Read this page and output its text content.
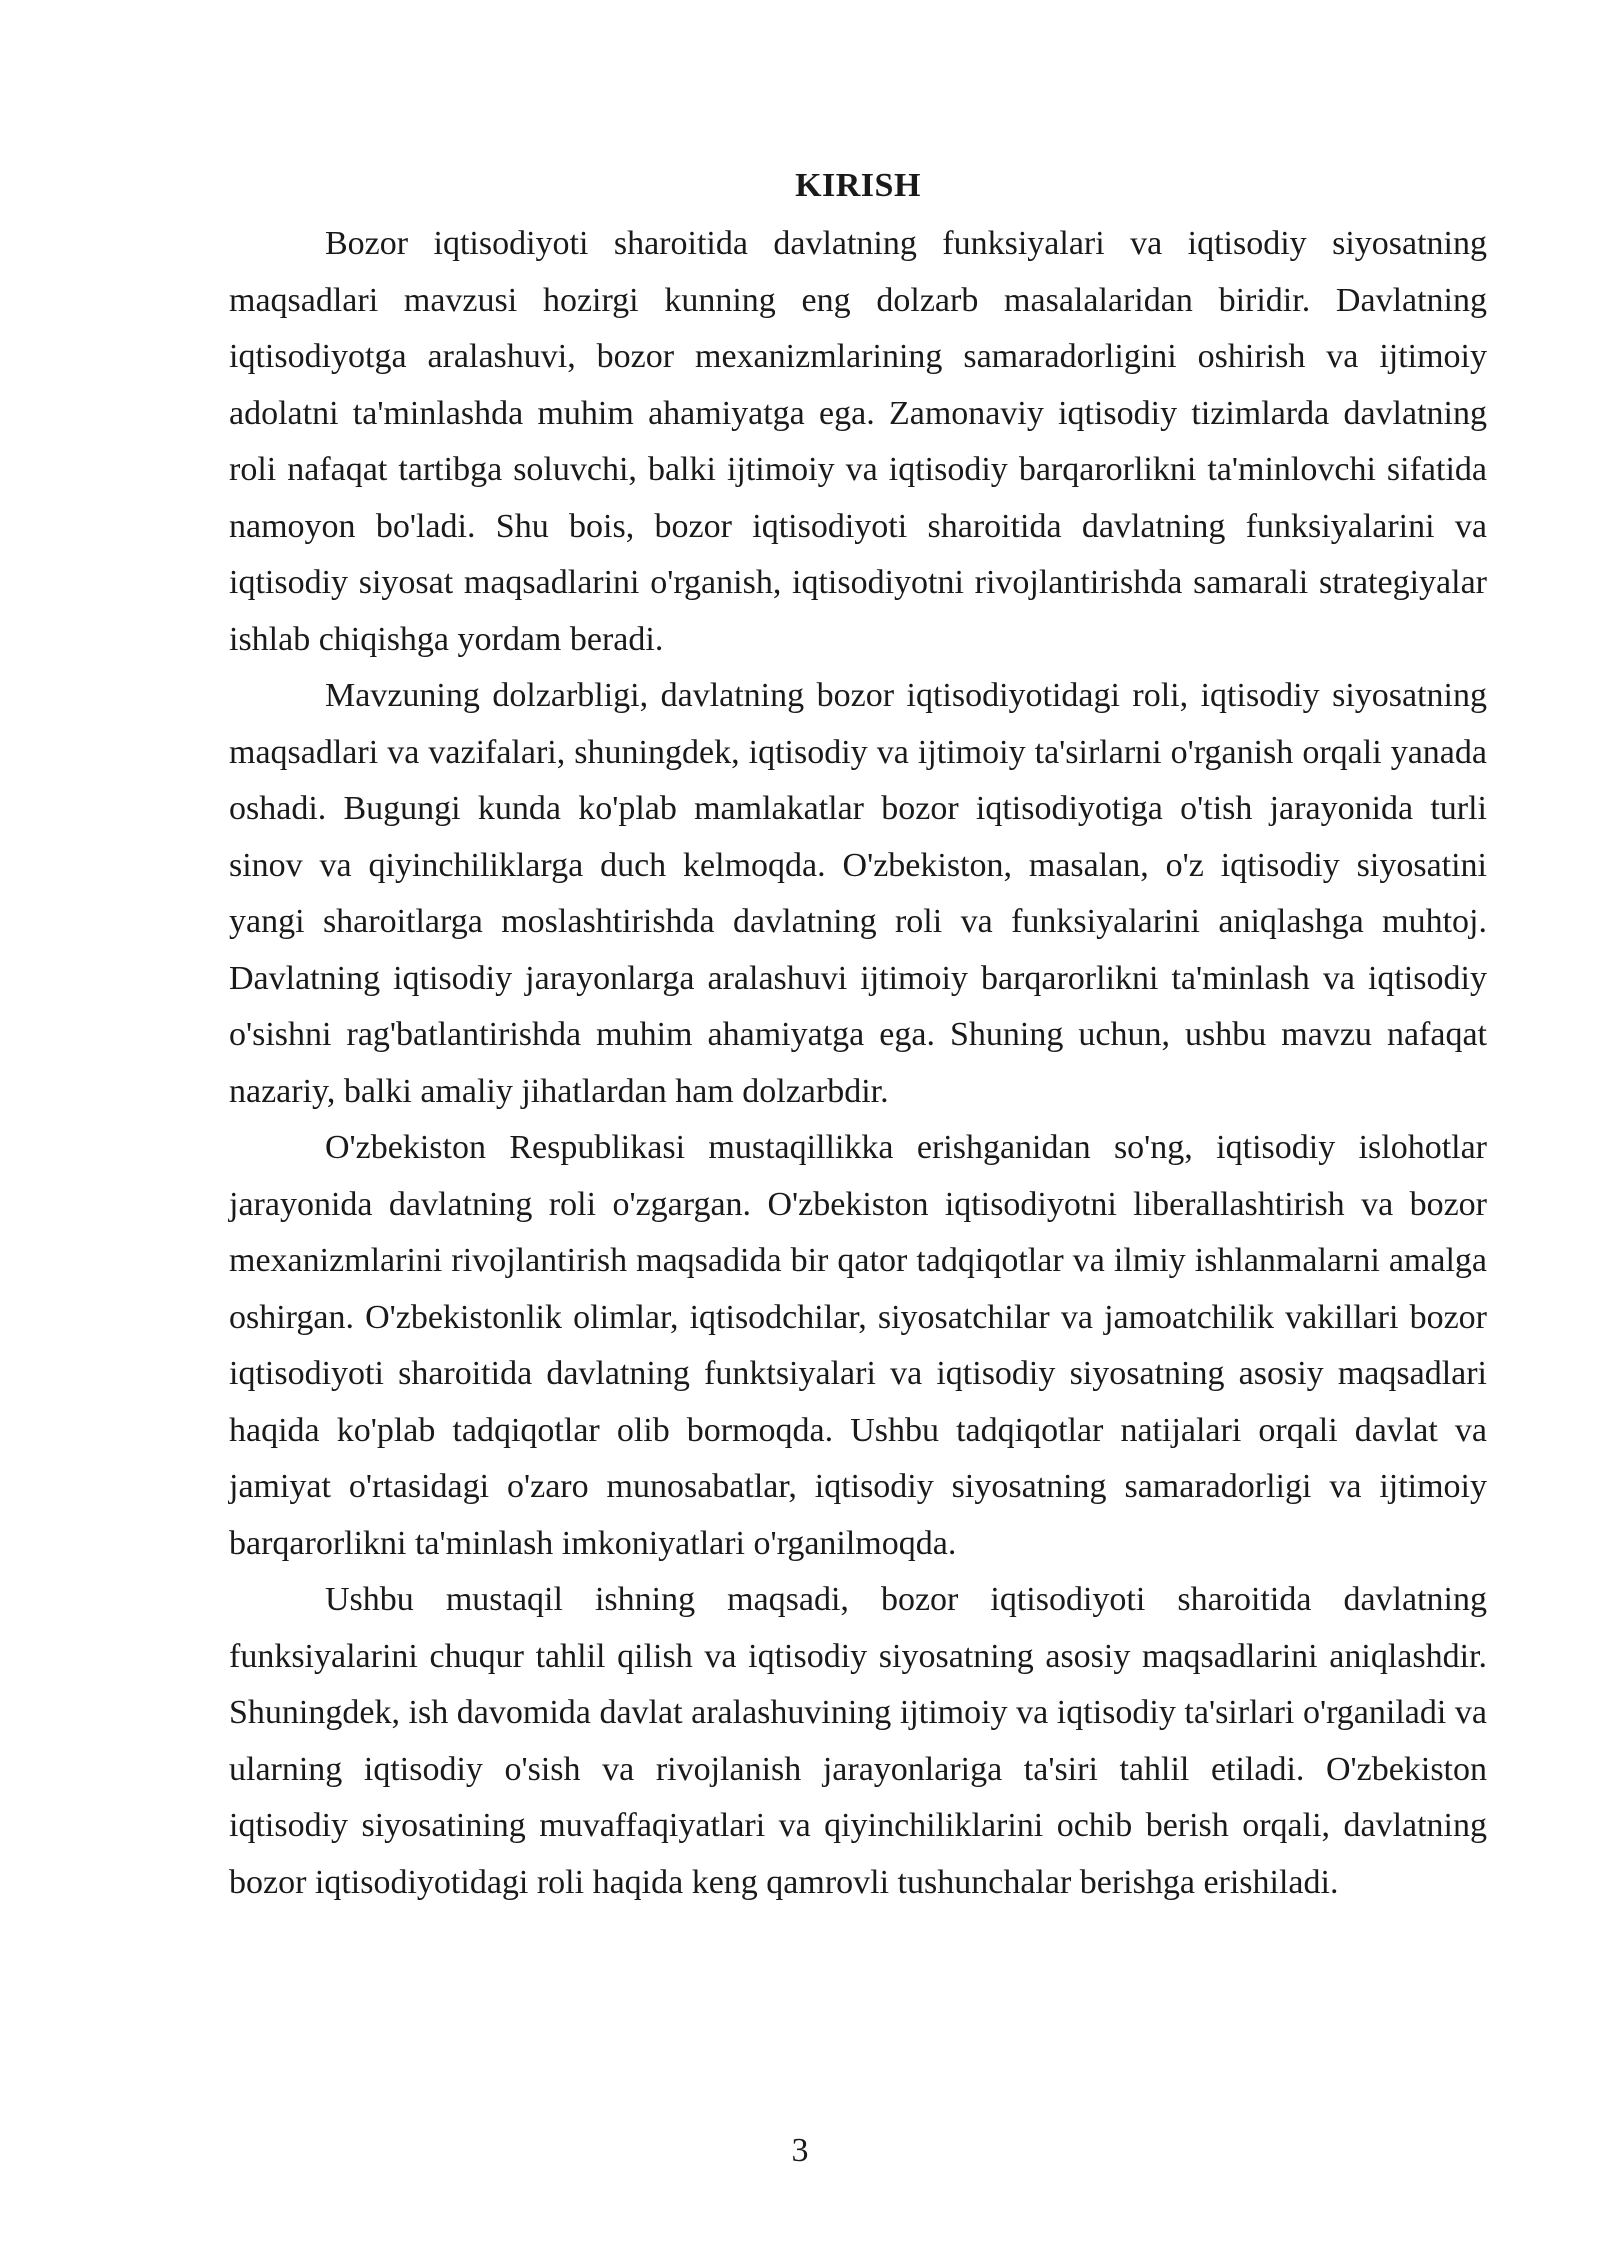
KIRISH

Bozor iqtisodiyoti sharoitida davlatning funksiyalari va iqtisodiy siyosatning maqsadlari mavzusi hozirgi kunning eng dolzarb masalalaridan biridir. Davlatning iqtisodiyotga aralashuvi, bozor mexanizmlarining samaradorligini oshirish va ijtimoiy adolatni ta'minlashda muhim ahamiyatga ega. Zamonaviy iqtisodiy tizimlarda davlatning roli nafaqat tartibga soluvchi, balki ijtimoiy va iqtisodiy barqarorlikni ta'minlovchi sifatida namoyon bo'ladi. Shu bois, bozor iqtisodiyoti sharoitida davlatning funksiyalarini va iqtisodiy siyosat maqsadlarini o'rganish, iqtisodiyotni rivojlantirishda samarali strategiyalar ishlab chiqishga yordam beradi.

Mavzuning dolzarbligi, davlatning bozor iqtisodiyotidagi roli, iqtisodiy siyosatning maqsadlari va vazifalari, shuningdek, iqtisodiy va ijtimoiy ta'sirlarni o'rganish orqali yanada oshadi. Bugungi kunda ko'plab mamlakatlar bozor iqtisodiyotiga o'tish jarayonida turli sinov va qiyinchiliklarga duch kelmoqda. O'zbekiston, masalan, o'z iqtisodiy siyosatini yangi sharoitlarga moslashtirishda davlatning roli va funksiyalarini aniqlashga muhtoj. Davlatning iqtisodiy jarayonlarga aralashuvi ijtimoiy barqarorlikni ta'minlash va iqtisodiy o'sishni rag'batlantirishda muhim ahamiyatga ega. Shuning uchun, ushbu mavzu nafaqat nazariy, balki amaliy jihatlardan ham dolzarbdir.

O'zbekiston Respublikasi mustaqillikka erishganidan so'ng, iqtisodiy islohotlar jarayonida davlatning roli o'zgargan. O'zbekiston iqtisodiyotni liberallashtirish va bozor mexanizmlarini rivojlantirish maqsadida bir qator tadqiqotlar va ilmiy ishlanmalarni amalga oshirgan. O'zbekistonlik olimlar, iqtisodchilar, siyosatchilar va jamoatchilik vakillari bozor iqtisodiyoti sharoitida davlatning funktsiyalari va iqtisodiy siyosatning asosiy maqsadlari haqida ko'plab tadqiqotlar olib bormoqda. Ushbu tadqiqotlar natijalari orqali davlat va jamiyat o'rtasidagi o'zaro munosabatlar, iqtisodiy siyosatning samaradorligi va ijtimoiy barqarorlikni ta'minlash imkoniyatlari o'rganilmoqda.

Ushbu mustaqil ishning maqsadi, bozor iqtisodiyoti sharoitida davlatning funksiyalarini chuqur tahlil qilish va iqtisodiy siyosatning asosiy maqsadlarini aniqlashdir. Shuningdek, ish davomida davlat aralashuvining ijtimoiy va iqtisodiy ta'sirlari o'rganiladi va ularning iqtisodiy o'sish va rivojlanish jarayonlariga ta'siri tahlil etiladi. O'zbekiston iqtisodiy siyosatining muvaffaqiyatlari va qiyinchiliklarini ochib berish orqali, davlatning bozor iqtisodiyotidagi roli haqida keng qamrovli tushunchalar berishga erishiladi.

3
